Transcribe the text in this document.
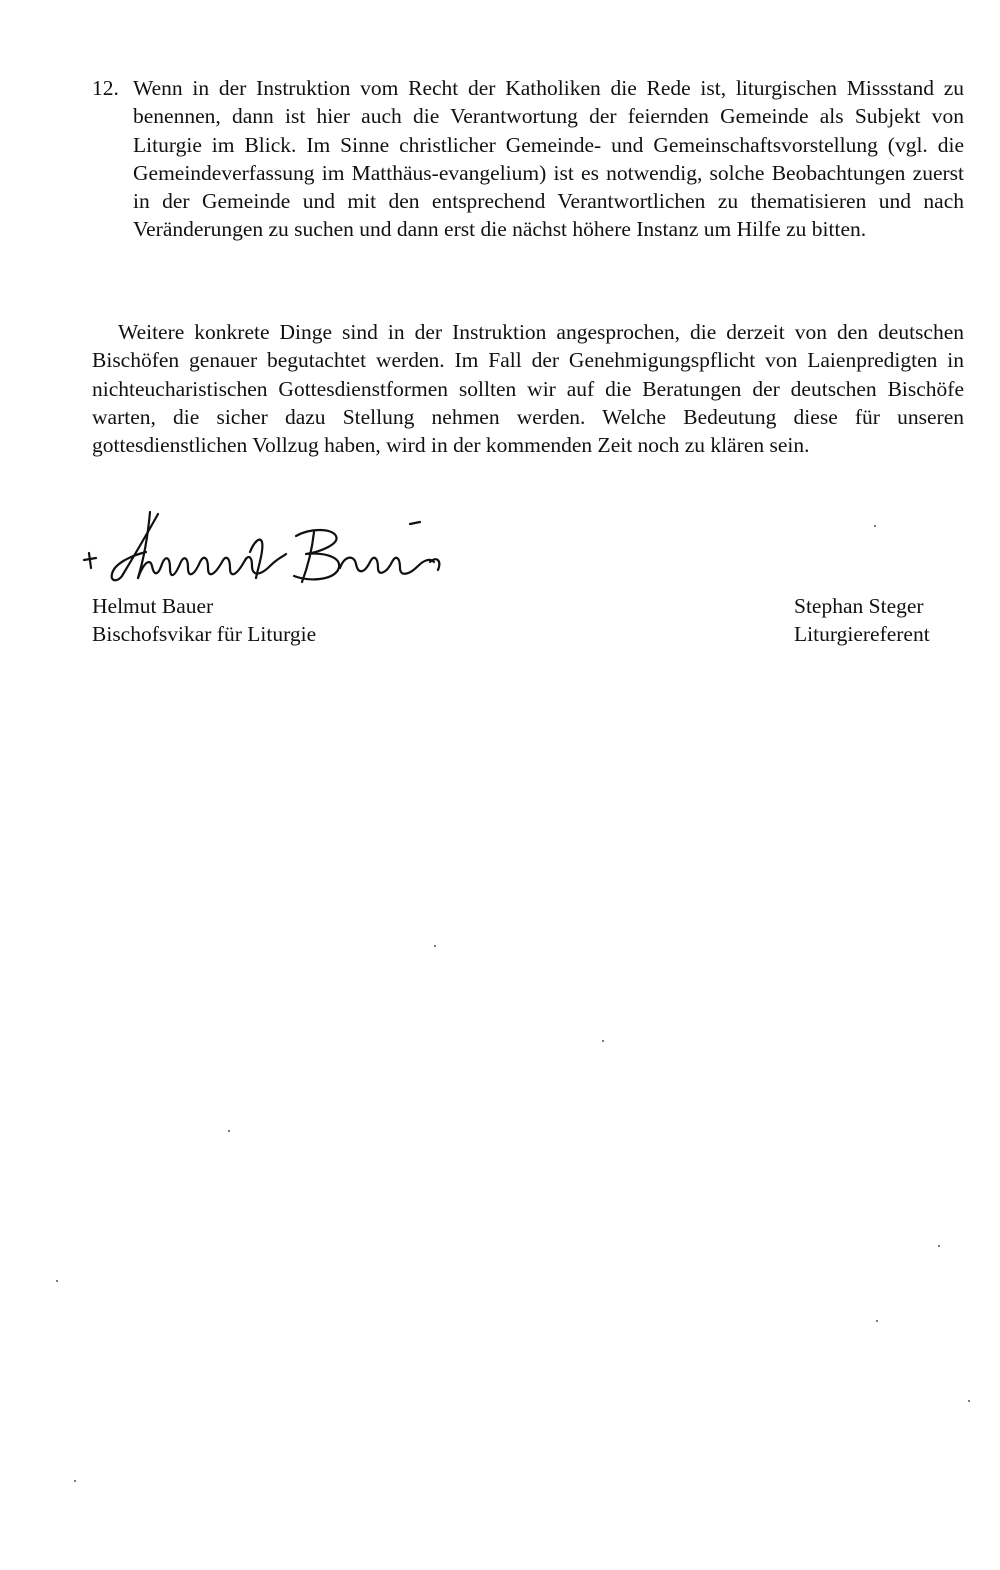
12. Wenn in der Instruktion vom Recht der Katholiken die Rede ist, liturgischen Missstand zu benennen, dann ist hier auch die Verantwortung der feiernden Gemeinde als Subjekt von Liturgie im Blick. Im Sinne christlicher Gemeinde- und Gemeinschaftsvorstellung (vgl. die Gemeindeverfassung im Matthäus-evangelium) ist es notwendig, solche Beobachtungen zuerst in der Gemeinde und mit den entsprechend Verantwortlichen zu thematisieren und nach Veränderungen zu suchen und dann erst die nächst höhere Instanz um Hilfe zu bitten.
Weitere konkrete Dinge sind in der Instruktion angesprochen, die derzeit von den deutschen Bischöfen genauer begutachtet werden. Im Fall der Genehmigungspflicht von Laienpredigten in nichteucharistischen Gottesdienstformen sollten wir auf die Beratungen der deutschen Bischöfe warten, die sicher dazu Stellung nehmen werden. Welche Bedeutung diese für unseren gottesdienstlichen Vollzug haben, wird in der kommenden Zeit noch zu klären sein.
Helmut Bauer
Bischofsvikar für Liturgie
Stephan Steger
Liturgiereferent
